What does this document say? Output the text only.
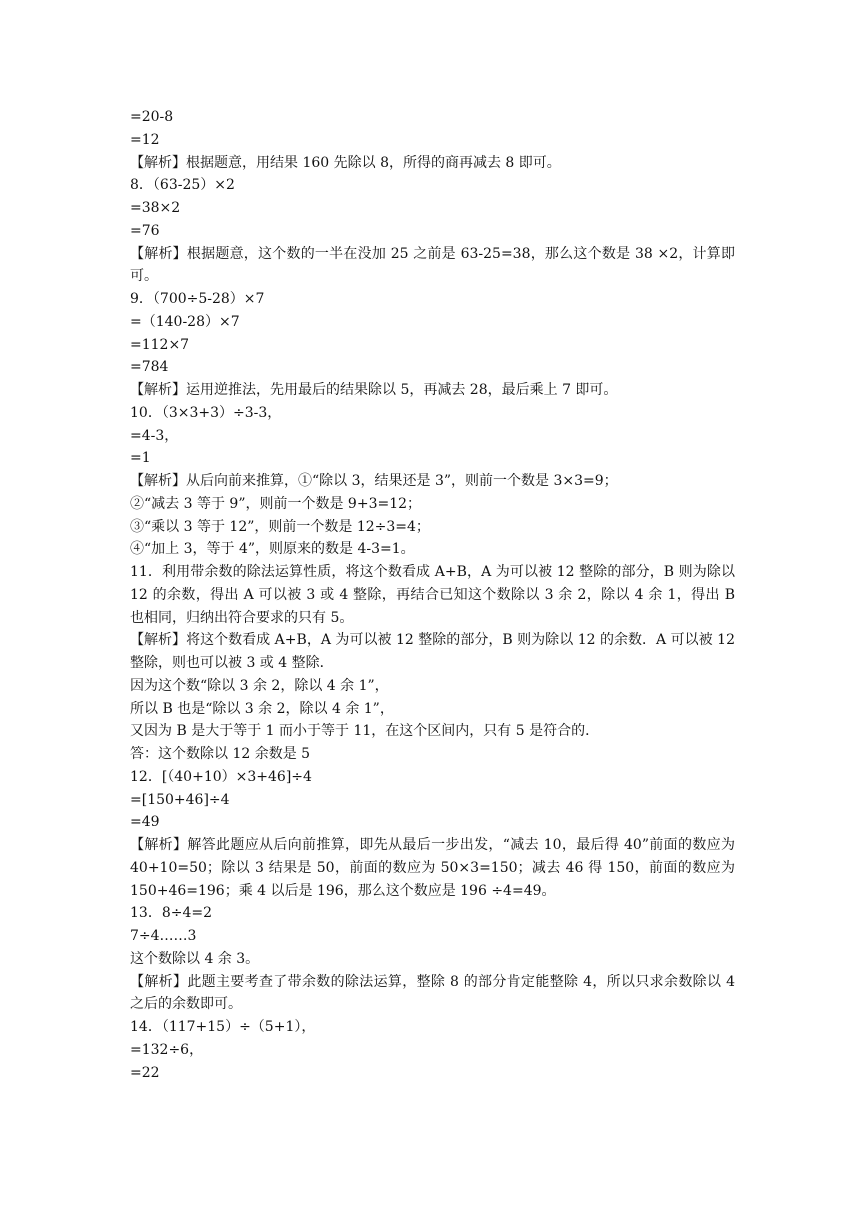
=20-8
=12
【解析】根据题意，用结果 160 先除以 8，所得的商再减去 8 即可。
8．（63-25）×2
=38×2
=76
【解析】根据题意，这个数的一半在没加 25 之前是 63-25=38，那么这个数是 38 ×2，计算即可。
9．（700÷5-28）×7
=（140-28）×7
=112×7
=784
【解析】运用逆推法，先用最后的结果除以 5，再减去 28，最后乘上 7 即可。
10．（3×3+3）÷3-3，
=4-3，
=1
【解析】从后向前来推算，①“除以 3，结果还是 3”，则前一个数是 3×3=9；
②“减去 3 等于 9”，则前一个数是 9+3=12；
③“乘以 3 等于 12”，则前一个数是 12÷3=4；
④“加上 3，等于 4”，则原来的数是 4-3=1。
11．利用带余数的除法运算性质，将这个数看成 A+B，A 为可以被 12 整除的部分，B 则为除以 12 的余数，得出 A 可以被 3 或 4 整除，再结合已知这个数除以 3 余 2，除以 4 余 1，得出 B 也相同，归纳出符合要求的只有 5。
【解析】将这个数看成 A+B，A 为可以被 12 整除的部分，B 则为除以 12 的余数．A 可以被 12 整除，则也可以被 3 或 4 整除．
因为这个数“除以 3 余 2，除以 4 余 1”，
所以 B 也是“除以 3 余 2，除以 4 余 1”，
又因为 B 是大于等于 1 而小于等于 11，在这个区间内，只有 5 是符合的．
答：这个数除以 12 余数是 5
12．[（40+10）×3+46]÷4
=[150+46]÷4
=49
【解析】解答此题应从后向前推算，即先从最后一步出发，“减去 10，最后得 40”前面的数应为 40+10=50；除以 3 结果是 50，前面的数应为 50×3=150；减去 46 得 150，前面的数应为 150+46=196；乘 4 以后是 196，那么这个数应是 196 ÷4=49。
13．8÷4=2
7÷4……3
这个数除以 4 余 3。
【解析】此题主要考查了带余数的除法运算，整除 8 的部分肯定能整除 4，所以只求余数除以 4 之后的余数即可。
14．（117+15）÷（5+1），
=132÷6，
=22
